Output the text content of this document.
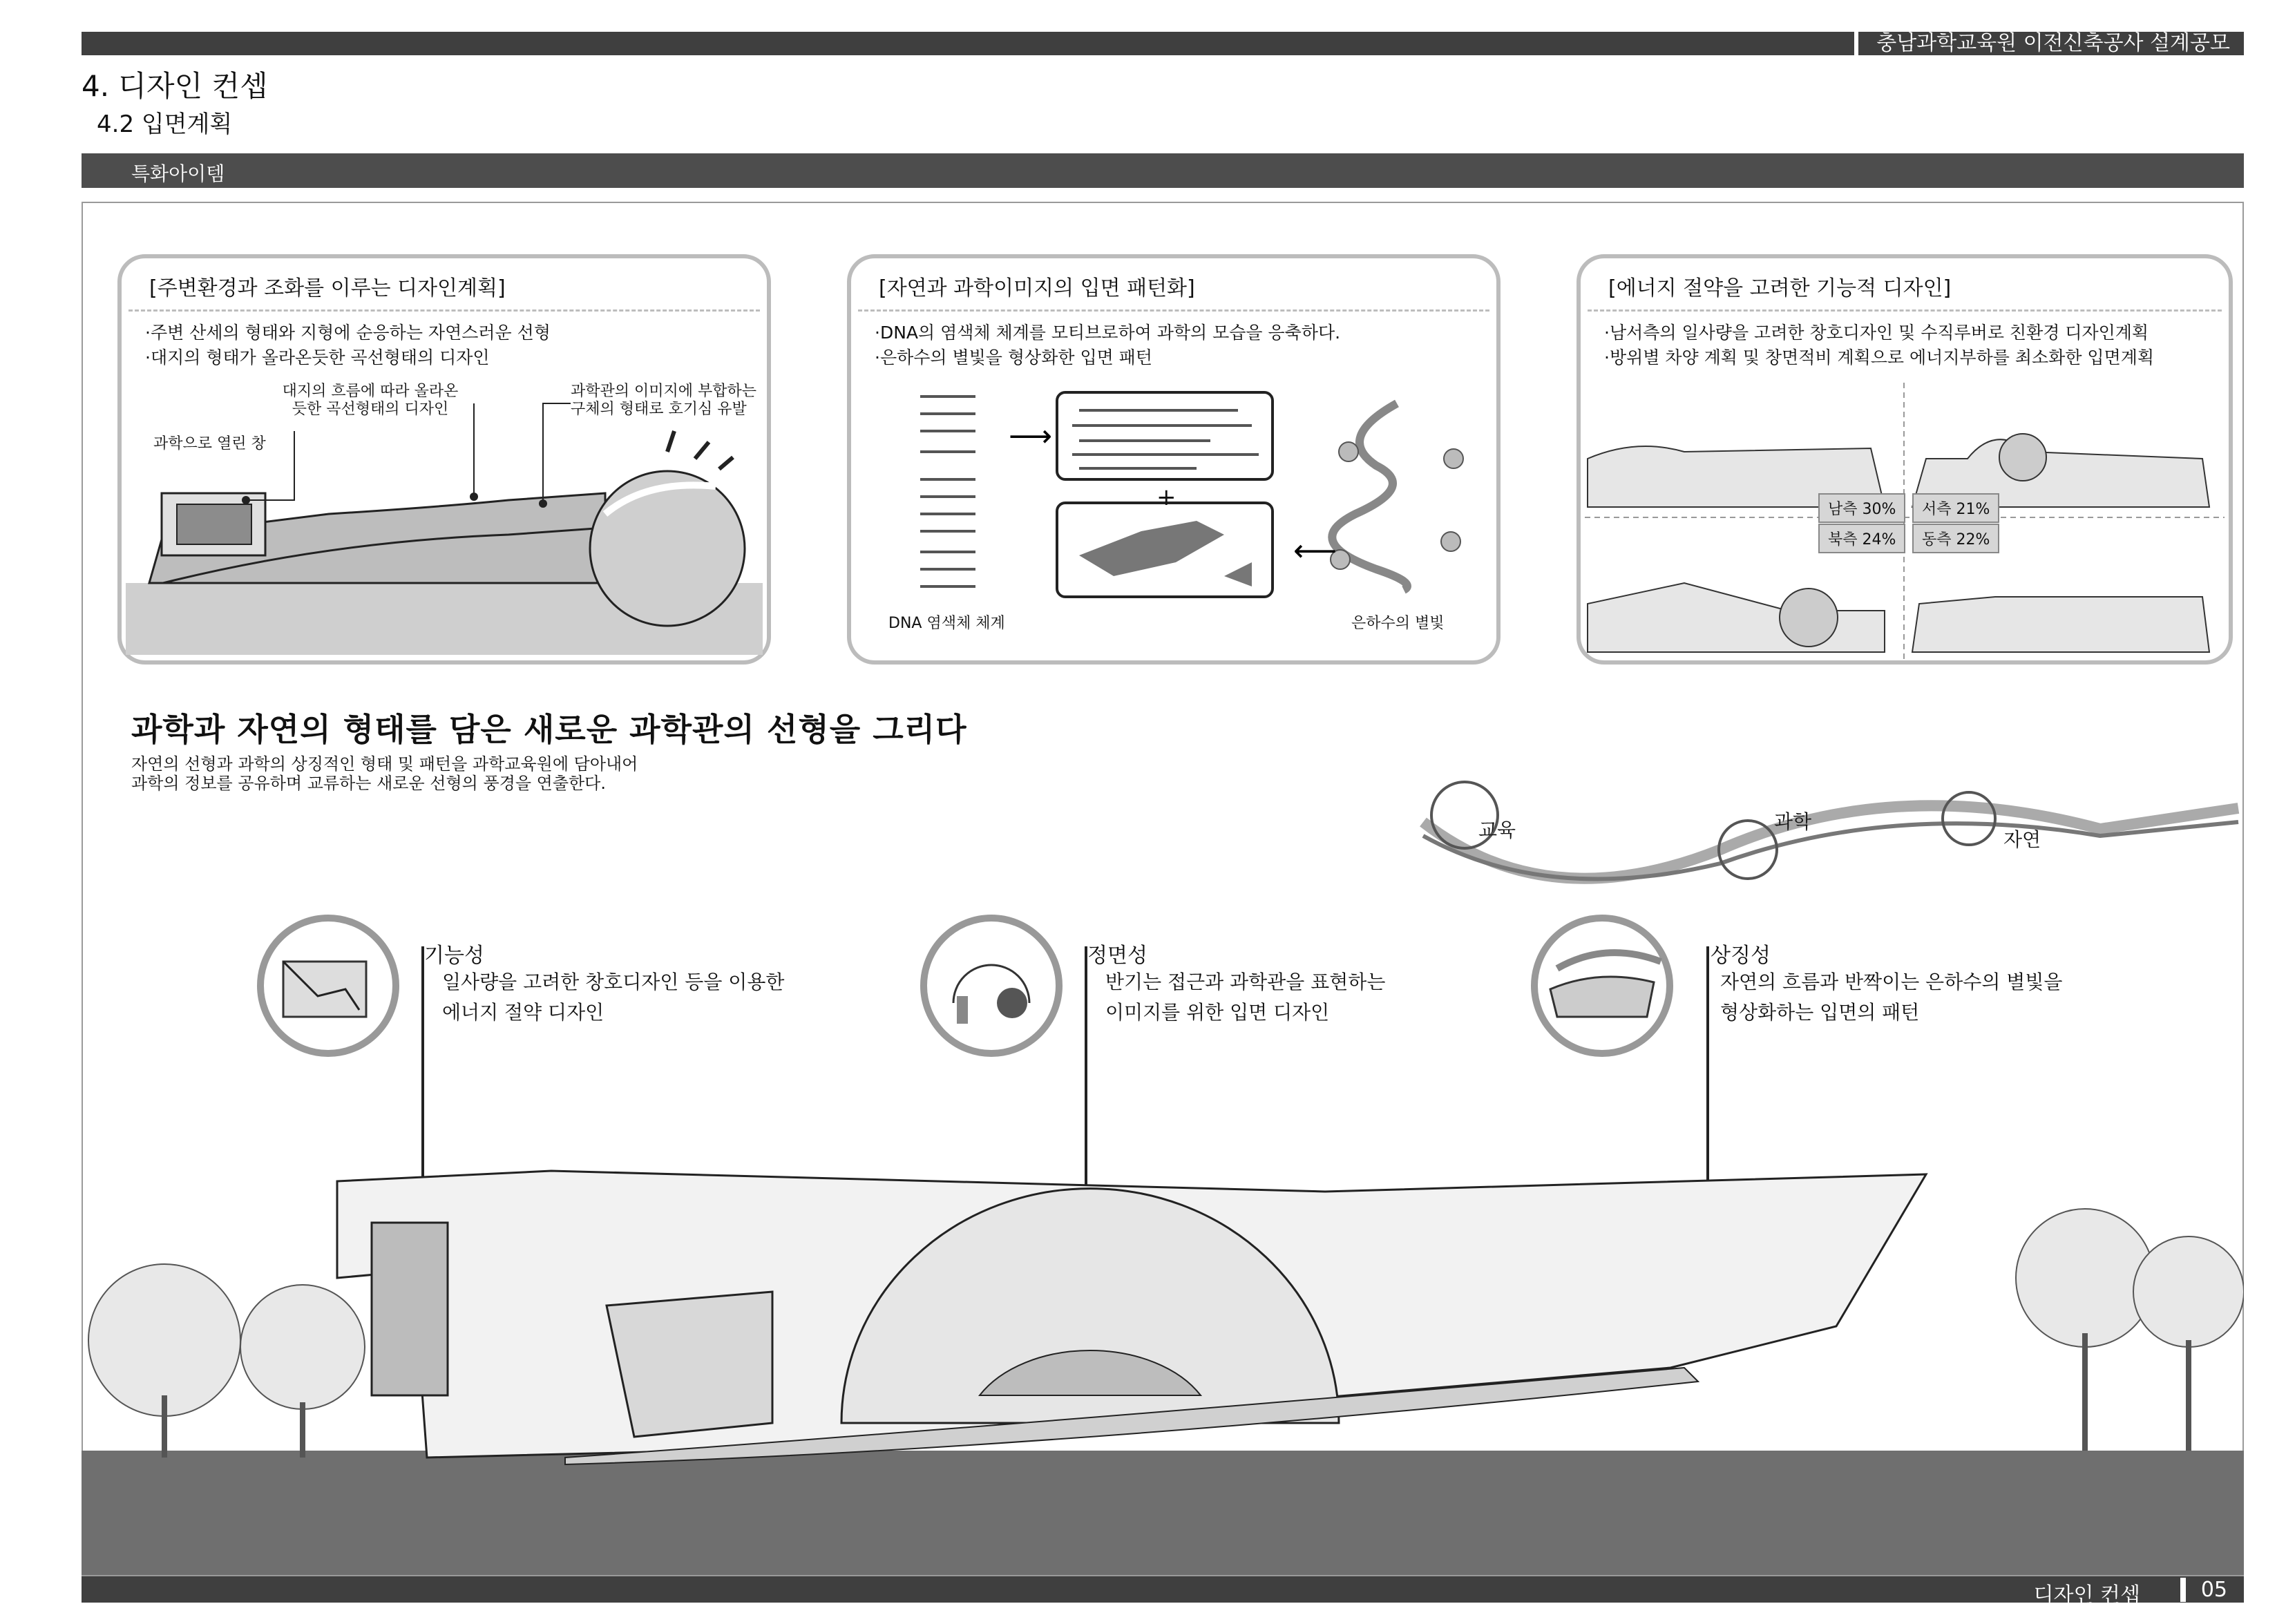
충남과학교육원 이전신축공사 설계공모
4. 디자인 컨셉
4.2 입면계획
특화아이템
[주변환경과 조화를 이루는 디자인계획]
·주변 산세의 형태와 지형에 순응하는 자연스러운 선형
·대지의 형태가 올라온듯한 곡선형태의 디자인
대지의 흐름에 따라 올라온
듯한 곡선형태의 디자인
과학관의 이미지에 부합하는
구체의 형태로 호기심 유발
과학으로 열린 창
[자연과 과학이미지의 입면 패턴화]
·DNA의 염색체 체계를 모티브로하여 과학의 모습을 응축하다.
·은하수의 별빛을 형상화한 입면 패턴
⟶
⟵
+
DNA 염색체 체계	은하수의 별빛
[에너지 절약을 고려한 기능적 디자인]
·남서측의 일사량을 고려한 창호디자인 및 수직루버로 친환경 디자인계획
·방위별 차양 계획 및 창면적비 계획으로 에너지부하를 최소화한 입면계획
남측 30%	서측 21%
북측 24%	동측 22%
과학과 자연의 형태를 담은 새로운 과학관의 선형을 그리다
자연의 선형과 과학의 상징적인 형태 및 패턴을 과학교육원에 담아내어
과학의 정보를 공유하며 교류하는 새로운 선형의 풍경을 연출한다.
교육	과학
자연
기능성
일사량을 고려한 창호디자인 등을 이용한
에너지 절약 디자인
정면성
반기는 접근과 과학관을 표현하는
이미지를 위한 입면 디자인
상징성
자연의 흐름과 반짝이는 은하수의 별빛을
형상화하는 입면의 패턴
디자인 컨셉	05
